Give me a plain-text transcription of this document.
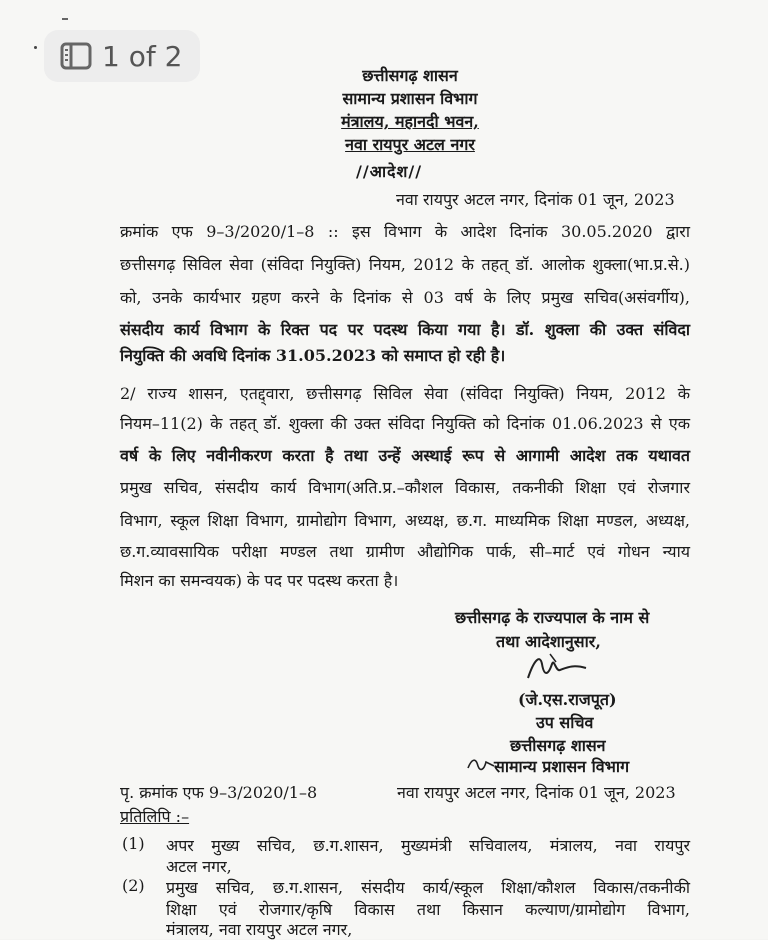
1 of 2
छत्तीसगढ़ शासन
सामान्य प्रशासन विभाग
मंत्रालय, महानदी भवन,
नवा रायपुर अटल नगर
//आदेश//
नवा रायपुर अटल नगर, दिनांक 01 जून, 2023
क्रमांक एफ 9–3/2020/1–8 :: इस विभाग के आदेश दिनांक 30.05.2020 द्वारा
छत्तीसगढ़ सिविल सेवा (संविदा नियुक्ति) नियम, 2012 के तहत् डॉ. आलोक शुक्ला(भा.प्र.से.)
को, उनके कार्यभार ग्रहण करने के दिनांक से 03 वर्ष के लिए प्रमुख सचिव(असंवर्गीय),
संसदीय कार्य विभाग के रिक्त पद पर पदस्थ किया गया है। डॉ. शुक्ला की उक्त संविदा
नियुक्ति की अवधि दिनांक 31.05.2023 को समाप्त हो रही है।
2/ राज्य शासन, एतद्द्वारा, छत्तीसगढ़ सिविल सेवा (संविदा नियुक्ति) नियम, 2012 के
नियम–11(2) के तहत् डॉ. शुक्ला की उक्त संविदा नियुक्ति को दिनांक 01.06.2023 से एक
वर्ष के लिए नवीनीकरण करता है तथा उन्हें अस्थाई रूप से आगामी आदेश तक यथावत
प्रमुख सचिव, संसदीय कार्य विभाग(अति.प्र.–कौशल विकास, तकनीकी शिक्षा एवं रोजगार
विभाग, स्कूल शिक्षा विभाग, ग्रामोद्योग विभाग, अध्यक्ष, छ.ग. माध्यमिक शिक्षा मण्डल, अध्यक्ष,
छ.ग.व्यावसायिक परीक्षा मण्डल तथा ग्रामीण औद्योगिक पार्क, सी–मार्ट एवं गोधन न्याय
मिशन का समन्वयक) के पद पर पदस्थ करता है।
छत्तीसगढ़ के राज्यपाल के नाम से
तथा आदेशानुसार,
(जे.एस.राजपूत)
उप सचिव
छत्तीसगढ़ शासन
सामान्य प्रशासन विभाग
पृ. क्रमांक एफ 9–3/2020/1–8	नवा रायपुर अटल नगर, दिनांक 01 जून, 2023
प्रतिलिपि :–
(1) अपर मुख्य सचिव, छ.ग.शासन, मुख्यमंत्री सचिवालय, मंत्रालय, नवा रायपुर
अटल नगर,
(2) प्रमुख सचिव, छ.ग.शासन, संसदीय कार्य/स्कूल शिक्षा/कौशल विकास/तकनीकी
शिक्षा एवं रोजगार/कृषि विकास तथा किसान कल्याण/ग्रामोद्योग विभाग,
मंत्रालय, नवा रायपुर अटल नगर,
